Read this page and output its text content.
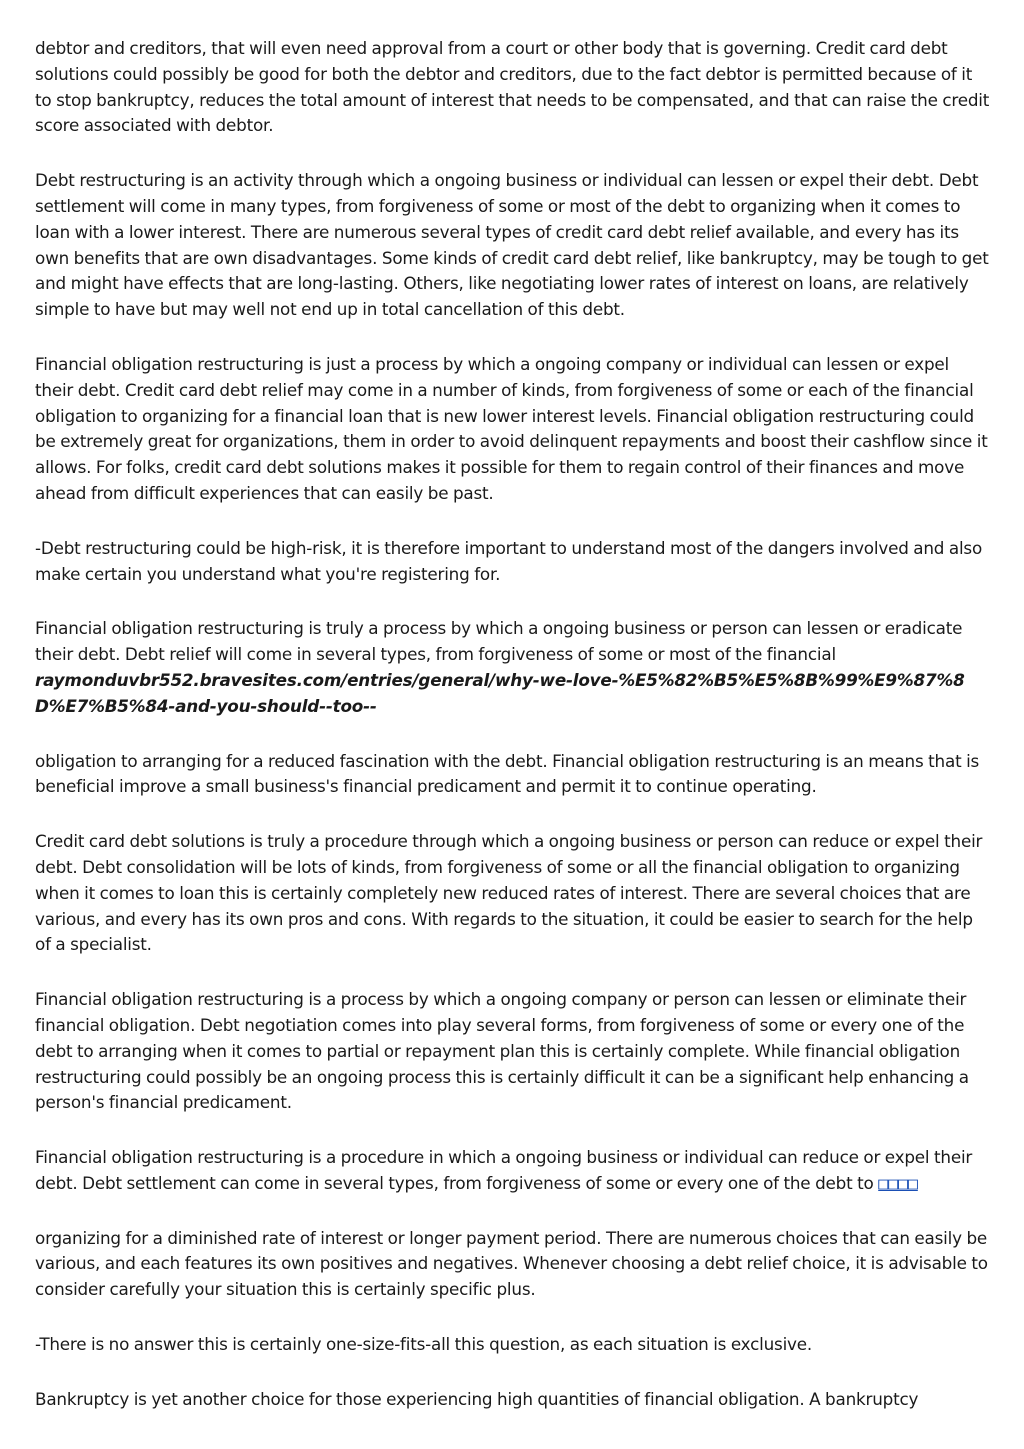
debtor and creditors, that will even need approval from a court or other body that is governing. Credit card debt solutions could possibly be good for both the debtor and creditors, due to the fact debtor is permitted because of it to stop bankruptcy, reduces the total amount of interest that needs to be compensated, and that can raise the credit score associated with debtor.

Debt restructuring is an activity through which a ongoing business or individual can lessen or expel their debt. Debt settlement will come in many types, from forgiveness of some or most of the debt to organizing when it comes to loan with a lower interest. There are numerous several types of credit card debt relief available, and every has its own benefits that are own disadvantages. Some kinds of credit card debt relief, like bankruptcy, may be tough to get and might have effects that are long-lasting. Others, like negotiating lower rates of interest on loans, are relatively simple to have but may well not end up in total cancellation of this debt.

Financial obligation restructuring is just a process by which a ongoing company or individual can lessen or expel their debt. Credit card debt relief may come in a number of kinds, from forgiveness of some or each of the financial obligation to organizing for a financial loan that is new lower interest levels. Financial obligation restructuring could be extremely great for organizations, them in order to avoid delinquent repayments and boost their cashflow since it allows. For folks, credit card debt solutions makes it possible for them to regain control of their finances and move ahead from difficult experiences that can easily be past.

-Debt restructuring could be high-risk, it is therefore important to understand most of the dangers involved and also make certain you understand what you're registering for.

Financial obligation restructuring is truly a process by which a ongoing business or person can lessen or eradicate their debt. Debt relief will come in several types, from forgiveness of some or most of the financial
raymonduvbr552.bravesites.com/entries/general/why-we-love-%E5%82%B5%E5%8B%99%E9%87%8D%E7%B5%84-and-you-should--too--

obligation to arranging for a reduced fascination with the debt. Financial obligation restructuring is an means that is beneficial improve a small business's financial predicament and permit it to continue operating.

Credit card debt solutions is truly a procedure through which a ongoing business or person can reduce or expel their debt. Debt consolidation will be lots of kinds, from forgiveness of some or all the financial obligation to organizing when it comes to loan this is certainly completely new reduced rates of interest. There are several choices that are various, and every has its own pros and cons. With regards to the situation, it could be easier to search for the help of a specialist.

Financial obligation restructuring is a process by which a ongoing company or person can lessen or eliminate their financial obligation. Debt negotiation comes into play several forms, from forgiveness of some or every one of the debt to arranging when it comes to partial or repayment plan this is certainly complete. While financial obligation restructuring could possibly be an ongoing process this is certainly difficult it can be a significant help enhancing a person's financial predicament.

Financial obligation restructuring is a procedure in which a ongoing business or individual can reduce or expel their debt. Debt settlement can come in several types, from forgiveness of some or every one of the debt to □□□□

organizing for a diminished rate of interest or longer payment period. There are numerous choices that can easily be various, and each features its own positives and negatives. Whenever choosing a debt relief choice, it is advisable to consider carefully your situation this is certainly specific plus.

-There is no answer this is certainly one-size-fits-all this question, as each situation is exclusive.

Bankruptcy is yet another choice for those experiencing high quantities of financial obligation. A bankruptcy
